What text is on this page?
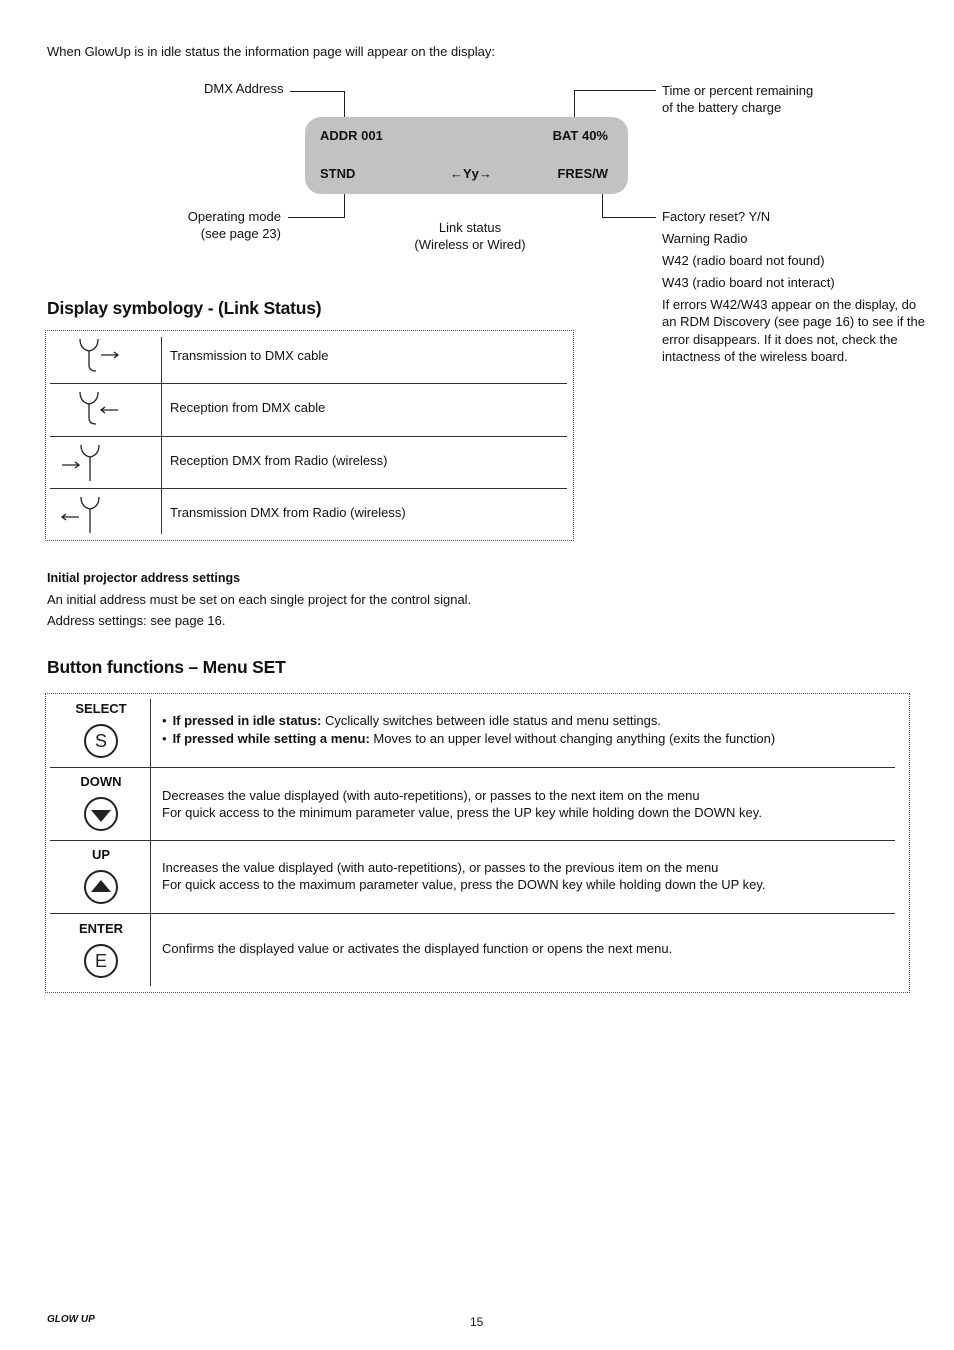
When GlowUp is in idle status the information page will appear on the display:
DMX Address	Time or percent remaining
of the battery charge
Operating mode
(see page 23)	Link status
(Wireless or Wired)
Factory reset? Y/N
Warning Radio
W42 (radio board not found)
W43 (radio board not interact)
If errors W42/W43 appear on the display, do an RDM Discovery (see page 16) to see if the error disappears. If it does not, check the intactness of the wireless board.
ADDR 001	BAT 40%
STND	←Yy→	FRES/W
Display symbology - (Link Status)
Transmission to DMX cable
Reception from DMX cable
Reception DMX from Radio (wireless)
Transmission DMX from Radio (wireless)
Initial projector address settings
An initial address must be set on each single project for the control signal.
Address settings: see page 16.
Button functions – Menu SET
SELECT
S
• If pressed in idle status: Cyclically switches between idle status and menu settings.
• If pressed while setting a menu: Moves to an upper level without changing anything (exits the function)
DOWN
Decreases the value displayed (with auto-repetitions), or passes to the next item on the menu
For quick access to the minimum parameter value, press the UP key while holding down the DOWN key.
UP
Increases the value displayed (with auto-repetitions), or passes to the previous item on the menu
For quick access to the maximum parameter value, press the DOWN key while holding down the UP key.
ENTER
E
Confirms the displayed value or activates the displayed function or opens the next menu.
GLOW UP	15
